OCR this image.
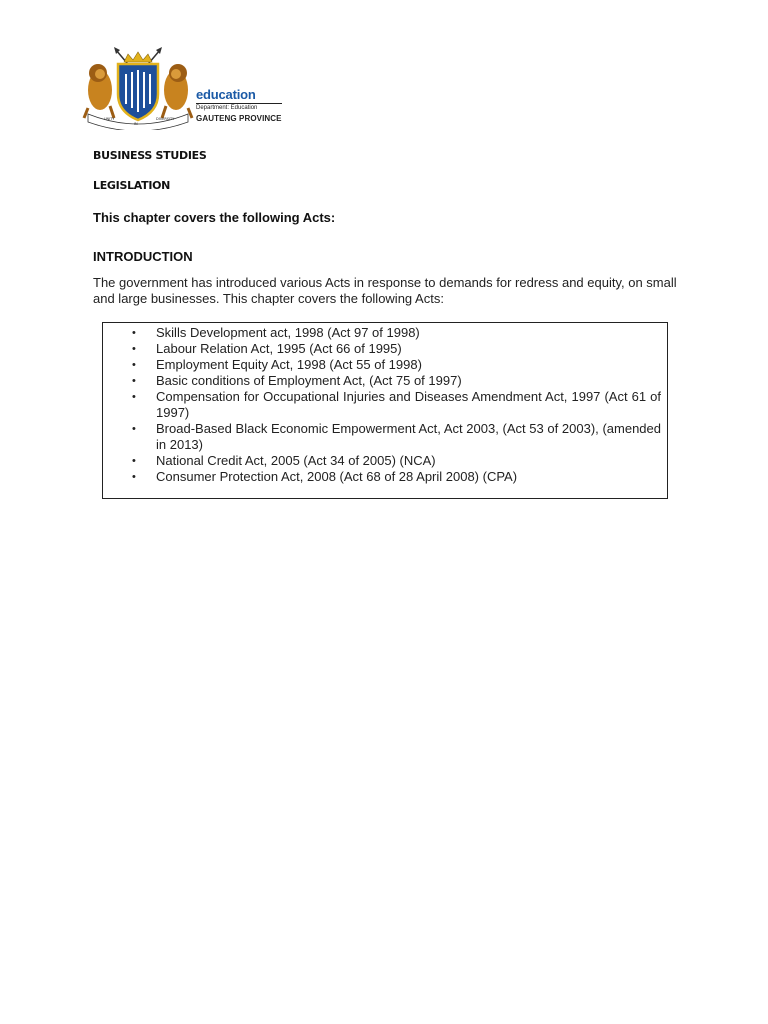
UNITY
IN
DIVERSITY
education
Department: Education
GAUTENG PROVINCE
BUSINESS STUDIES
LEGISLATION
This chapter covers the following Acts:
INTRODUCTION
The government has introduced various Acts in response to demands for redress and equity, on small and large businesses. This chapter covers the following Acts:
• Skills Development act, 1998 (Act 97 of 1998)
• Labour Relation Act, 1995 (Act 66 of 1995)
• Employment Equity Act, 1998 (Act 55 of 1998)
• Basic conditions of Employment Act, (Act 75 of 1997)
• Compensation for Occupational Injuries and Diseases Amendment Act, 1997 (Act 61 of 1997)
• Broad-Based Black Economic Empowerment Act, Act 2003, (Act 53 of 2003), (amended in 2013)
• National Credit Act, 2005 (Act 34 of 2005) (NCA)
• Consumer Protection Act, 2008 (Act 68 of 28 April 2008) (CPA)
